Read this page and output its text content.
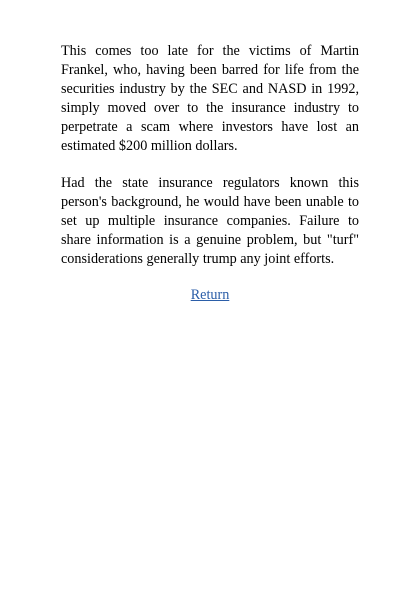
This comes too late for the victims of Martin Frankel, who, having been barred for life from the securities industry by the SEC and NASD in 1992, simply moved over to the insurance industry to perpetrate a scam where investors have lost an estimated $200 million dollars.

Had the state insurance regulators known this person's background, he would have been unable to set up multiple insurance companies. Failure to share information is a genuine problem, but "turf" considerations generally trump any joint efforts.

Return
